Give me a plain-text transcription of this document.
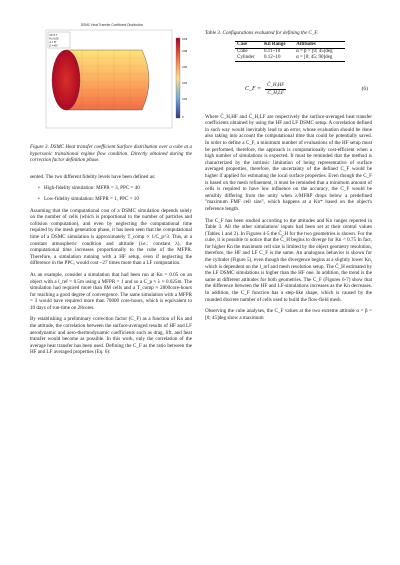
DSMC Heat Transfer Coefficient Distribution
Ch 5.7
Kn 0.05
α = 8°
β = 45°
0.09
0.08
0.06
0.04
0.02
0

Figure 3. DSMC Heat transfer coefficient Surface distribution over a cube at a hypersonic transitional regime flow condition. Directly obtained during the correction factor definition phase.

sented. The two different fidelity levels have been defined as:

• High-fidelity simulation: MFPR = 3, PPC = 40
• Low-fidelity simulation: MFPR = 1, PPC = 10

Assuming that the computational cost of a DSMC simulation depends solely on the number of cells (which is proportional to the number of particles and collision computation), and even by neglecting the computational time required by the mesh generation phase, it has been seen that the computational time of a DSMC simulation is approximately T_comp ∝ 1/C_p^3. This, at a constant atmospheric condition and altitude (i.e.: constant λ), the computational time increases proportionally to the cube of the MFPR. Therefore, a simulation running with a HF setup, even if neglecting the difference in the PPC, would cost ~27 times more than a LF computation.

As an example, consider a simulation that had been run at Kn = 0.05 on an object with a l_ref = 0.5m using a MFPR = 1 and so a C_p ≈ λ ≈ 0.025m. The simulation had required more than 8M cells and a T_comp ≈ 2800core-hours for reaching a good degree of convergence. The same simulation with a MFPR = 3 would have required more than 70000 core-hours, which is equivalent to 10 days of run-time on 28cores.

By establishing a preliminary correction factor (C_F) as a function of Kn and the attitude, the correlation between the surface-averaged results of HF and LF aerodynamic and aero-thermodynamic coefficients such as drag, lift, and heat transfer would become as possible. In this work, only the correlation of the average heat transfer has been used. Defining the C_F as the ratio between the HF and LF averaged properties (Eq. 6):

Table 3. Configurations evaluated for defining the C_F.
Case	Kn Range	Attitudes
Cube	0.11~10	α = β = [0; 45]deg
Cylinder	0.12~10	α = [0; 45; 90]deg
C_F = $\frac{C̄\_H,HF}{C̄\_H,LF}$	(6)

Where C̄_H,HF and C̄_H,LF are respectively the surface-averaged heat transfer coefficients obtained by using the HF and LF DSMC setup. A correlation defined in such way would inevitably lead to an error, whose evaluation should be done also taking into account the computational time that could be potentially saved. In order to define a C_F, a minimum number of evaluations of the HF setup must be performed, therefore, the approach is computationally cost-efficient when a high number of simulations is expected. It must be reminded that the method is characterized by the intrinsic limitation of being representative of surface averaged properties, therefore, the uncertainty of the defined C_F would be higher if applied for estimating the local surface properties. Even though the C_F is based on the mesh refinement, it must be reminded that a minimum amount of cells is required to have low influence on the accuracy, the C_F would be sensibly differing from the unity when λ/MFRP drops below a predefined "maximum FMF cell size", which happens at a Kn* based on the object's reference length.

The C_F has been studied according to the attitudes and Kn ranges reported in Table 3. All the other simulations' inputs had been set at their central values (Tables 1 and 2). In Figures 4-5 the C̄_H for the two geometries is shown. For the cube, it is possible to notice that the C̄_H begins to diverge for Kn < 0.75 In fact, for higher Kn the maximum cell size is limited by the object geometry resolution, therefore, the HF and LF C_F is the same. An analogous behavior is shown for the cylinder (Figure 5), even though the divergence begins at a slightly lower Kn, which is dependent on the l_ref and mesh resolution setup. The C̄_H estimated by the LF DSMC simulations is higher than the HF one. In addition, the trend is the same at different attitudes for both geometries. The C_F (Figures 6-7) show that the difference between the HF and LF-simulations increases as the Kn decreases. In addition, the C_F function has a step-like shape, which is caused by the rounded discrete number of cells used to build the flow-field mesh.

Observing the cube analyses, the C_F values at the two extreme attitude α = β = [0; 45]deg show a maximum
